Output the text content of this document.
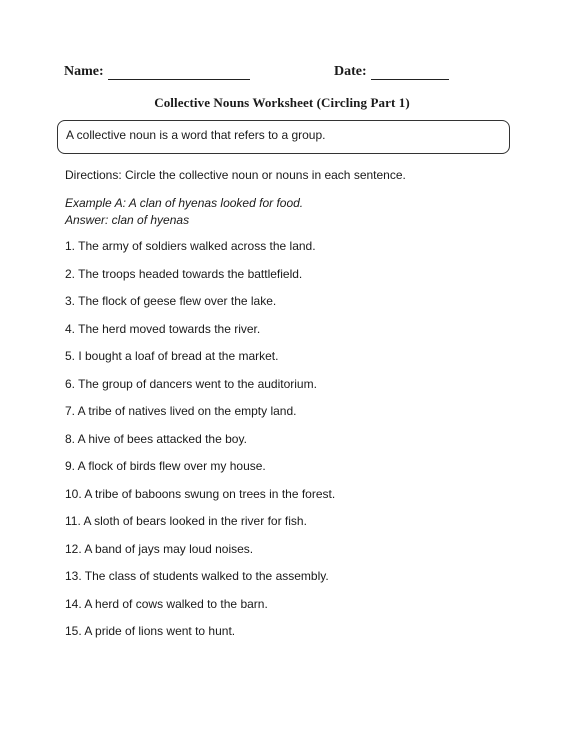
Name:	Date:
Collective Nouns Worksheet (Circling Part 1)
A collective noun is a word that refers to a group.
Directions: Circle the collective noun or nouns in each sentence.
Example A: A clan of hyenas looked for food.
Answer: clan of hyenas
1. The army of soldiers walked across the land.
2. The troops headed towards the battlefield.
3. The flock of geese flew over the lake.
4. The herd moved towards the river.
5. I bought a loaf of bread at the market.
6. The group of dancers went to the auditorium.
7. A tribe of natives lived on the empty land.
8. A hive of bees attacked the boy.
9. A flock of birds flew over my house.
10. A tribe of baboons swung on trees in the forest.
11. A sloth of bears looked in the river for fish.
12. A band of jays may loud noises.
13. The class of students walked to the assembly.
14. A herd of cows walked to the barn.
15. A pride of lions went to hunt.
